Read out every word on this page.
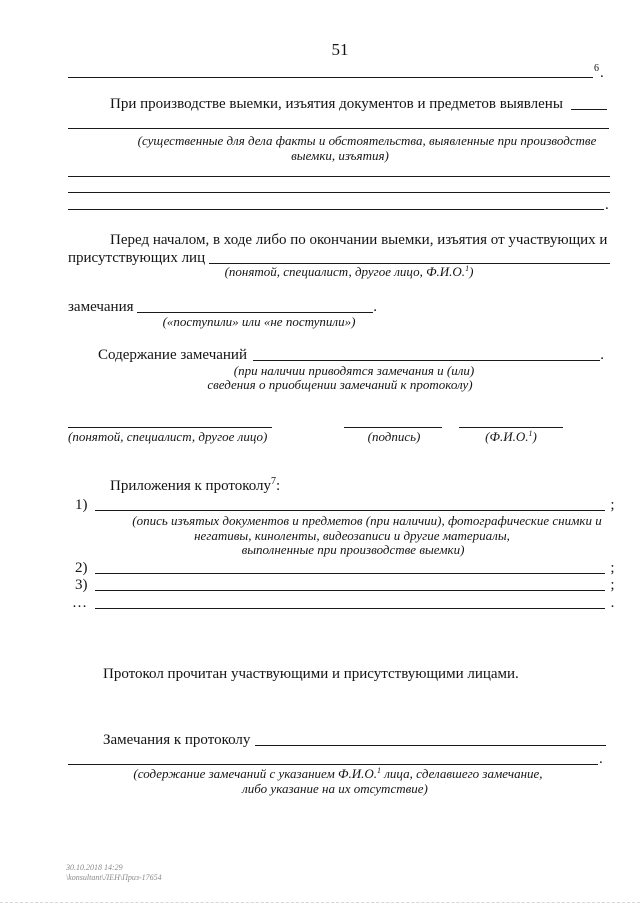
51
6 .
При производстве выемки, изъятия документов и предметов выявлены
(существенные для дела факты и обстоятельства, выявленные при производстве
выемки, изъятия)
.
Перед началом, в ходе либо по окончании выемки, изъятия от участвующих и
присутствующих лиц
(понятой, специалист, другое лицо, Ф.И.О.$^1$)
замечания	.
(«поступили» или «не поступили»)
Содержание замечаний	.
(при наличии приводятся замечания и (или)
сведения о приобщении замечаний к протоколу)
(понятой, специалист, другое лицо)	(подпись)	(Ф.И.О.$^1$)
Приложения к протоколу$^7$:
1)	;
(опись изъятых документов и предметов (при наличии), фотографические снимки и
негативы, киноленты, видеозаписи и другие материалы,
выполненные при производстве выемки)
2)	;
3)	;
…	.
Протокол прочитан участвующими и присутствующими лицами.
Замечания к протоколу
.
(содержание замечаний с указанием Ф.И.О.$^1$ лица, сделавшего замечание,
либо указание на их отсутствие)
30.10.2018 14:29
\konsultant\ЛЕН\Приз-17654
